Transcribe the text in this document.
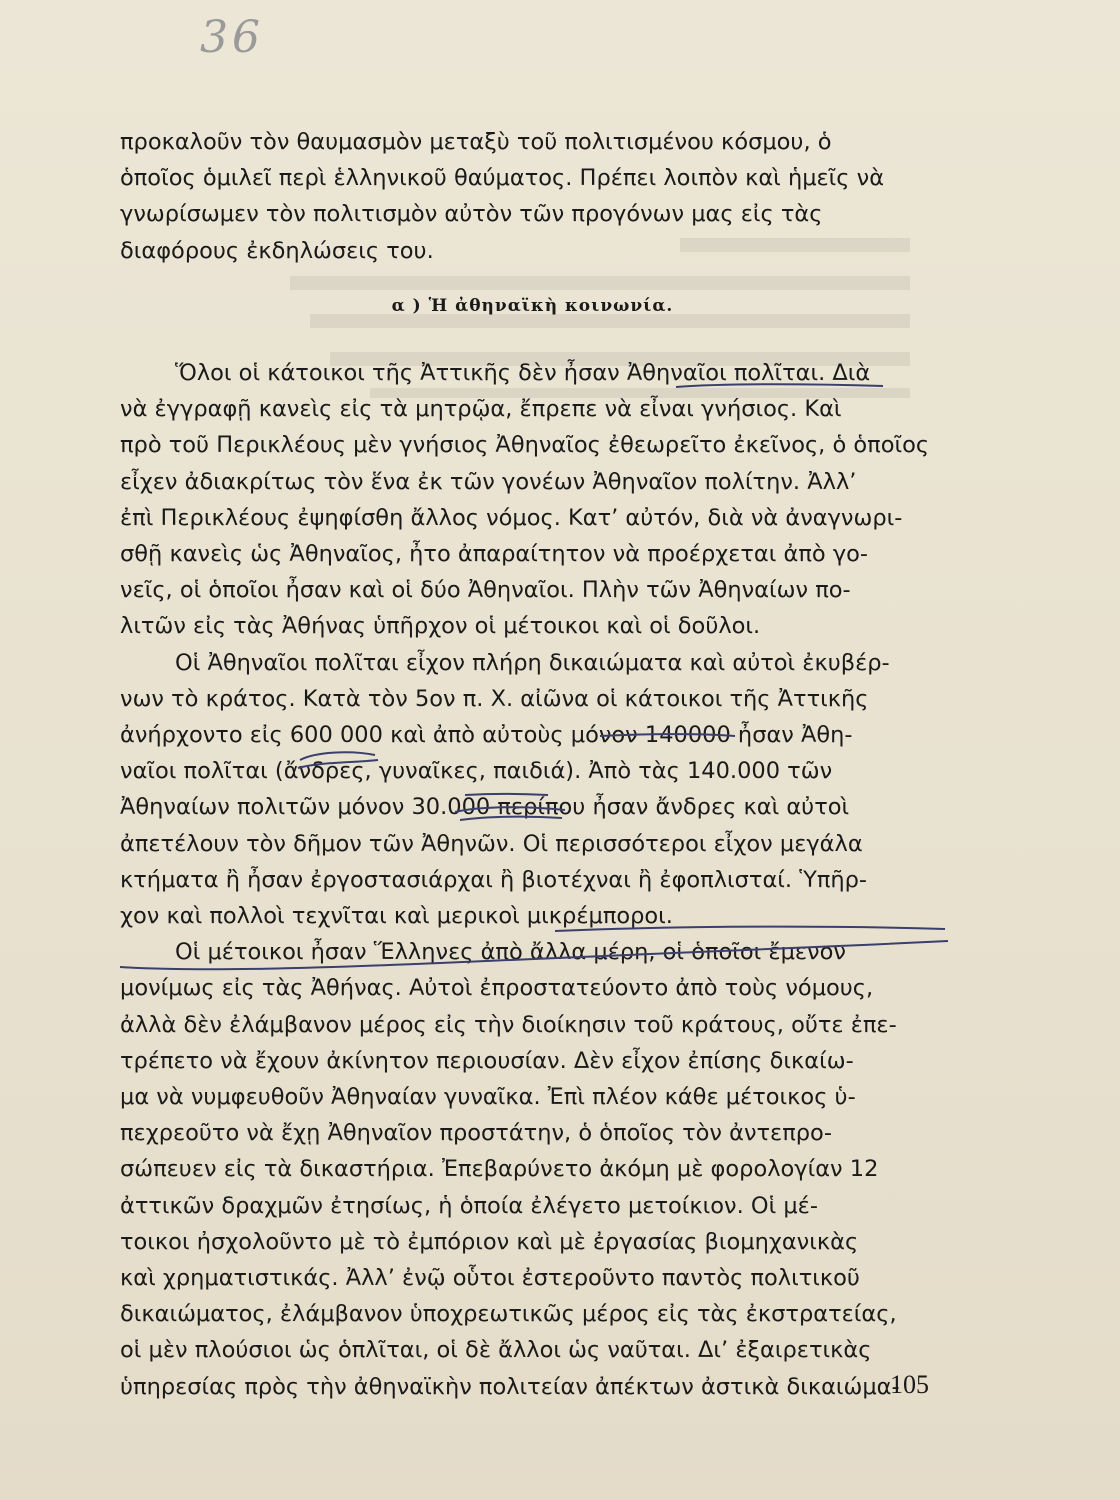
36

προκαλοῦν τὸν θαυμασμὸν μεταξὺ τοῦ πολιτισμένου κόσμου, ὁ

ὁποῖος ὁμιλεῖ περὶ ἑλληνικοῦ θαύματος. Πρέπει λοιπὸν καὶ ἡμεῖς νὰ

γνωρίσωμεν τὸν πολιτισμὸν αὐτὸν τῶν προγόνων μας εἰς τὰς

διαφόρους ἐκδηλώσεις του.

α ) Ἡ ἀθηναϊκὴ κοινωνία.

Ὅλοι οἱ κάτοικοι τῆς Ἀττικῆς δὲν ἦσαν Ἀθηναῖοι πολῖται. Διὰ

νὰ ἐγγραφῇ κανεὶς εἰς τὰ μητρῷα, ἔπρεπε νὰ εἶναι γνήσιος. Καὶ

πρὸ τοῦ Περικλέους μὲν γνήσιος Ἀθηναῖος ἐθεωρεῖτο ἐκεῖνος, ὁ ὁποῖος

εἶχεν ἀδιακρίτως τὸν ἕνα ἐκ τῶν γονέων Ἀθηναῖον πολίτην. Ἀλλ’

ἐπὶ Περικλέους ἐψηφίσθη ἄλλος νόμος. Κατ’ αὐτόν, διὰ νὰ ἀναγνωρι-

σθῇ κανεὶς ὡς Ἀθηναῖος, ἦτο ἀπαραίτητον νὰ προέρχεται ἀπὸ γο-

νεῖς, οἱ ὁποῖοι ἦσαν καὶ οἱ δύο Ἀθηναῖοι. Πλὴν τῶν Ἀθηναίων πο-

λιτῶν εἰς τὰς Ἀθήνας ὑπῆρχον οἱ μέτοικοι καὶ οἱ δοῦλοι.

Οἱ Ἀθηναῖοι πολῖται εἶχον πλήρη δικαιώματα καὶ αὐτοὶ ἐκυβέρ-

νων τὸ κράτος. Κατὰ τὸν 5ον π. Χ. αἰῶνα οἱ κάτοικοι τῆς Ἀττικῆς

ἀνήρχοντο εἰς 600 000 καὶ ἀπὸ αὐτοὺς μόνον 140000 ἦσαν Ἀθη-

ναῖοι πολῖται (ἄνδρες, γυναῖκες, παιδιά). Ἀπὸ τὰς 140.000 τῶν

Ἀθηναίων πολιτῶν μόνον 30.000 περίπου ἦσαν ἄνδρες καὶ αὐτοὶ

ἀπετέλουν τὸν δῆμον τῶν Ἀθηνῶν. Οἱ περισσότεροι εἶχον μεγάλα

κτήματα ἢ ἦσαν ἐργοστασιάρχαι ἢ βιοτέχναι ἢ ἐφοπλισταί. Ὑπῆρ-

χον καὶ πολλοὶ τεχνῖται καὶ μερικοὶ μικρέμποροι.

Οἱ μέτοικοι ἦσαν Ἕλληνες ἀπὸ ἄλλα μέρη, οἱ ὁποῖοι ἔμενον

μονίμως εἰς τὰς Ἀθήνας. Αὐτοὶ ἐπροστατεύοντο ἀπὸ τοὺς νόμους,

ἀλλὰ δὲν ἐλάμβανον μέρος εἰς τὴν διοίκησιν τοῦ κράτους, οὔτε ἐπε-

τρέπετο νὰ ἔχουν ἀκίνητον περιουσίαν. Δὲν εἶχον ἐπίσης δικαίω-

μα νὰ νυμφευθοῦν Ἀθηναίαν γυναῖκα. Ἐπὶ πλέον κάθε μέτοικος ὑ-

πεχρεοῦτο νὰ ἔχῃ Ἀθηναῖον προστάτην, ὁ ὁποῖος τὸν ἀντεπρο-

σώπευεν εἰς τὰ δικαστήρια. Ἐπεβαρύνετο ἀκόμη μὲ φορολογίαν 12

ἀττικῶν δραχμῶν ἐτησίως, ἡ ὁποία ἐλέγετο μετοίκιον. Οἱ μέ-

τοικοι ἠσχολοῦντο μὲ τὸ ἐμπόριον καὶ μὲ ἐργασίας βιομηχανικὰς

καὶ χρηματιστικάς. Ἀλλ’ ἐνῷ οὗτοι ἐστεροῦντο παντὸς πολιτικοῦ

δικαιώματος, ἐλάμβανον ὑποχρεωτικῶς μέρος εἰς τὰς ἐκστρατείας,

οἱ μὲν πλούσιοι ὡς ὁπλῖται, οἱ δὲ ἄλλοι ὡς ναῦται. Δι’ ἐξαιρετικὰς

ὑπηρεσίας πρὸς τὴν ἀθηναϊκὴν πολιτείαν ἀπέκτων ἀστικὰ δικαιώμα-

105
